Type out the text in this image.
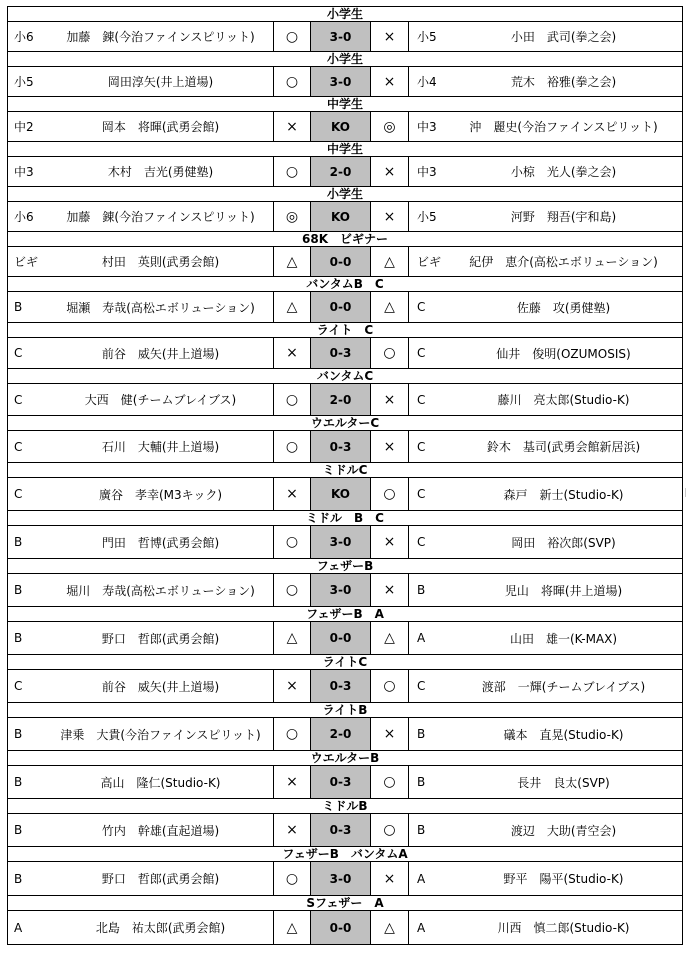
小学生
小6	加藤　錬(今治ファインスピリット)	○	3-0	×	小5	小田　武司(拳之会)
小学生
小5	岡田淳矢(井上道場)	○	3-0	×	小4	荒木　裕雅(拳之会)
中学生
中2	岡本　将暉(武勇会館)	×	KO	◎	中3	沖　麗史(今治ファインスピリット)
中学生
中3	木村　吉光(勇健塾)	○	2-0	×	中3	小椋　光人(拳之会)
小学生
小6	加藤　錬(今治ファインスピリット)	◎	KO	×	小5	河野　翔吾(宇和島)
68K　ビギナー
ビギ	村田　英則(武勇会館)	△	0-0	△	ビギ	紀伊　恵介(高松エボリューション)
バンタムB　C
B	堀瀬　寿哉(高松エボリューション)	△	0-0	△	C	佐藤　攻(勇健塾)
ライト　C
C	前谷　威矢(井上道場)	×	0-3	○	C	仙井　俊明(OZUMOSIS)
バンタムC
C	大西　健(チームブレイブス)	○	2-0	×	C	藤川　亮太郎(Studio-K)
ウエルターC
C	石川　大輔(井上道場)	○	0-3	×	C	鈴木　基司(武勇会館新居浜)
ミドルC
C	廣谷　孝幸(M3キック)	×	KO	○	C	森戸　新士(Studio-K)
ミドル　B　C
B	門田　哲博(武勇会館)	○	3-0	×	C	岡田　裕次郎(SVP)
フェザーB
B	堀川　寿哉(高松エボリューション)	○	3-0	×	B	児山　将暉(井上道場)
フェザーB　A
B	野口　哲郎(武勇会館)	△	0-0	△	A	山田　雄一(K-MAX)
ライトC
C	前谷　威矢(井上道場)	×	0-3	○	C	渡部　一輝(チームブレイブス)
ライトB
B	津乗　大貴(今治ファインスピリット)	○	2-0	×	B	礒本　直晃(Studio-K)
ウエルターB
B	高山　隆仁(Studio-K)	×	0-3	○	B	長井　良太(SVP)
ミドルB
B	竹内　幹雄(直起道場)	×	0-3	○	B	渡辺　大助(青空会)
フェザーB　バンタムA
B	野口　哲郎(武勇会館)	○	3-0	×	A	野平　陽平(Studio-K)
Sフェザー　A
A	北島　祐太郎(武勇会館)	△	0-0	△	A	川西　慎二郎(Studio-K)
